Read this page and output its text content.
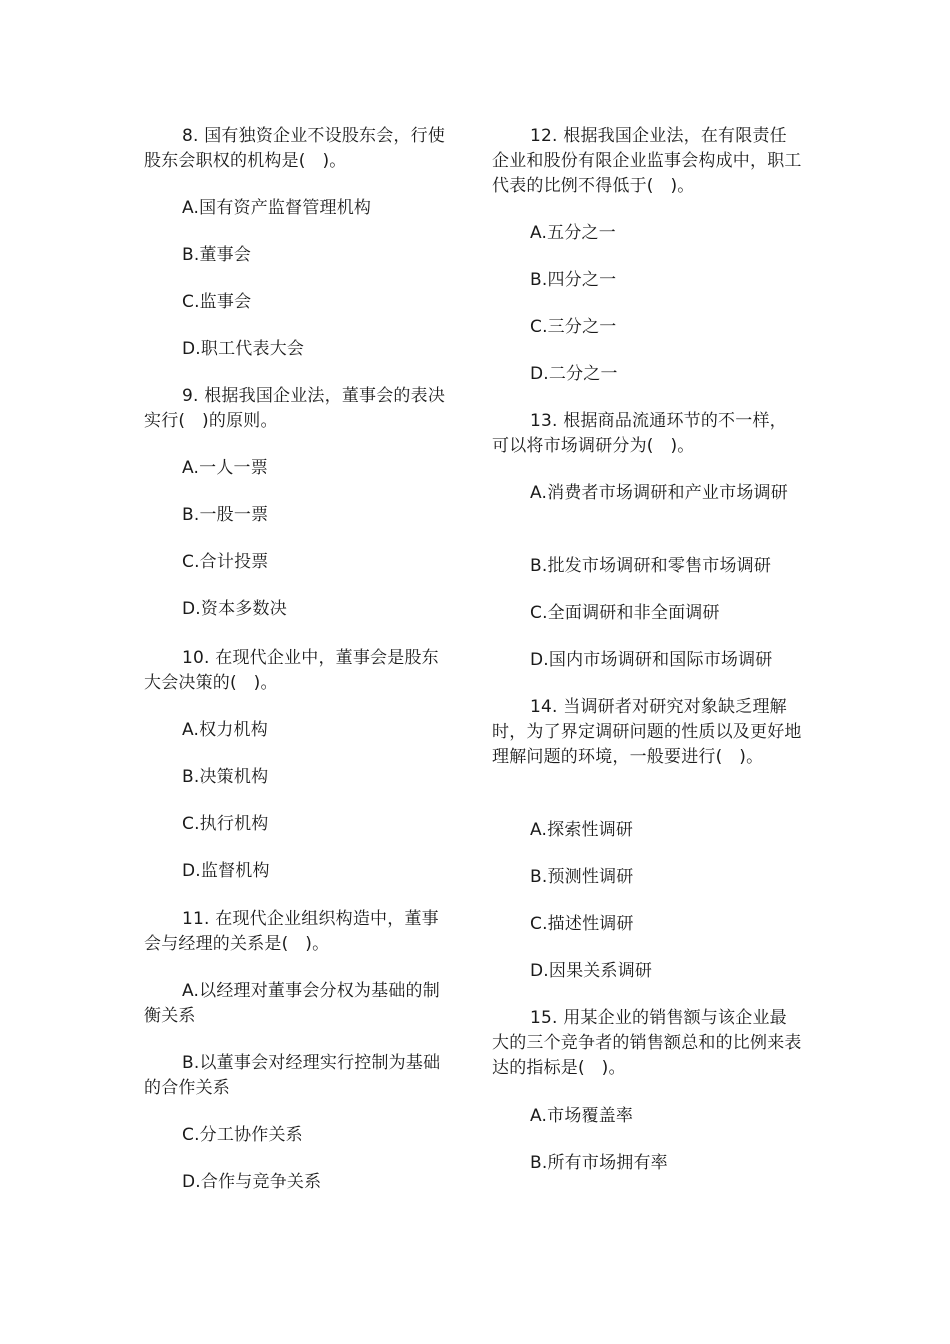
8. 国有独资企业不设股东会，行使股东会职权的机构是(   )。
A.国有资产监督管理机构
B.董事会
C.监事会
D.职工代表大会
9. 根据我国企业法，董事会的表决实行(   )的原则。
A.一人一票
B.一股一票
C.合计投票
D.资本多数决
10. 在现代企业中，董事会是股东大会决策的(   )。
A.权力机构
B.决策机构
C.执行机构
D.监督机构
11. 在现代企业组织构造中，董事会与经理的关系是(   )。
A.以经理对董事会分权为基础的制衡关系
B.以董事会对经理实行控制为基础的合作关系
C.分工协作关系
D.合作与竞争关系
12. 根据我国企业法，在有限责任企业和股份有限企业监事会构成中，职工代表的比例不得低于(   )。
A.五分之一
B.四分之一
C.三分之一
D.二分之一
13. 根据商品流通环节的不一样，可以将市场调研分为(   )。
A.消费者市场调研和产业市场调研
B.批发市场调研和零售市场调研
C.全面调研和非全面调研
D.国内市场调研和国际市场调研
14. 当调研者对研究对象缺乏理解时，为了界定调研问题的性质以及更好地理解问题的环境，一般要进行(   )。
A.探索性调研
B.预测性调研
C.描述性调研
D.因果关系调研
15. 用某企业的销售额与该企业最大的三个竞争者的销售额总和的比例来表达的指标是(   )。
A.市场覆盖率
B.所有市场拥有率
